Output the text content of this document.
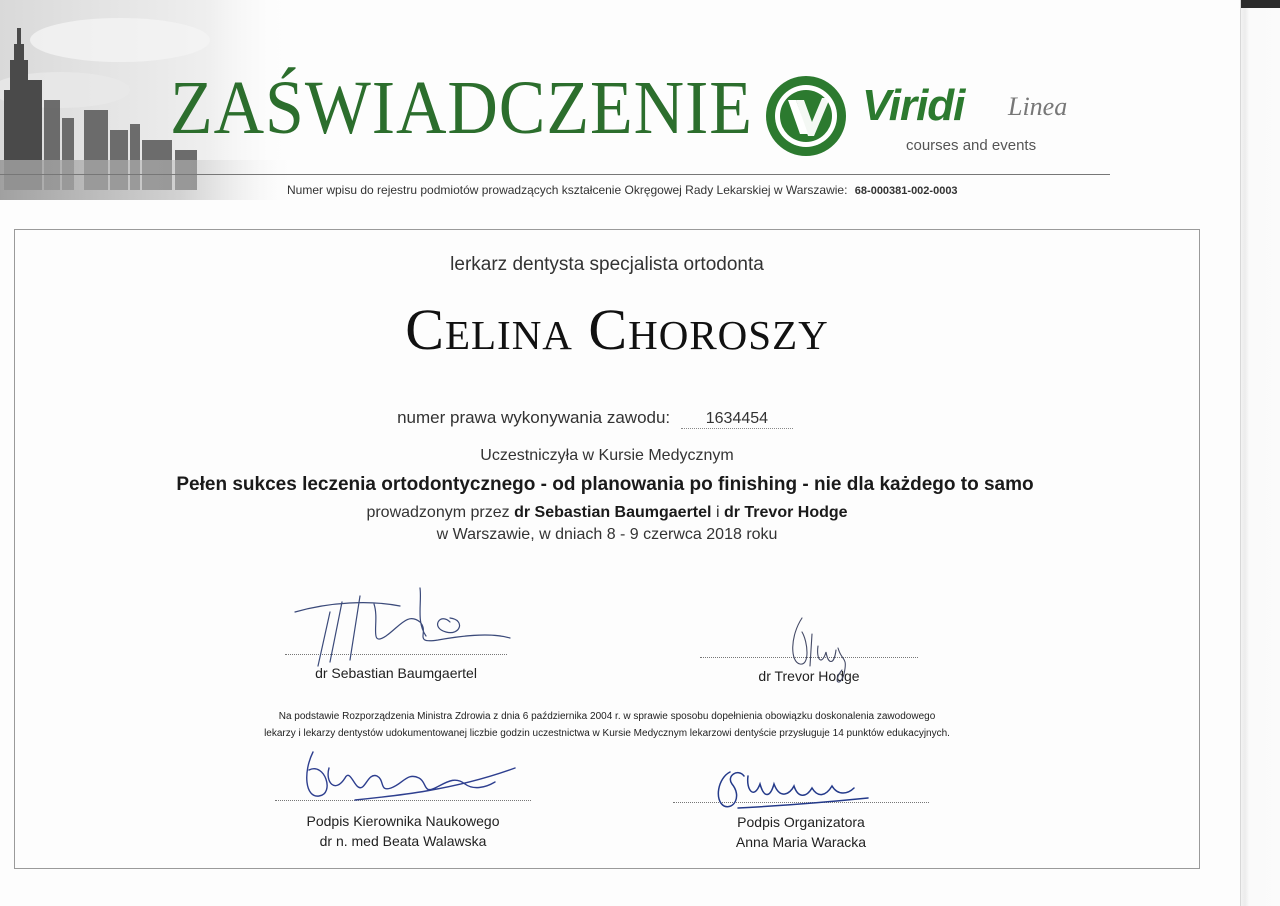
ZAŚWIADCZENIE Viridi Linea
courses and events
Numer wpisu do rejestru podmiotów prowadzących kształcenie Okręgowej Rady Lekarskiej w Warszawie: 68-000381-002-0003
lerkarz dentysta specjalista ortodonta
Celina Choroszy
numer prawa wykonywania zawodu: 1634454
Uczestniczyła w Kursie Medycznym
Pełen sukces leczenia ortodontycznego - od planowania po finishing - nie dla każdego to samo
prowadzonym przez dr Sebastian Baumgaertel i dr Trevor Hodge
w Warszawie, w dniach 8 - 9 czerwca 2018 roku
dr Sebastian Baumgaertel	dr Trevor Hodge
Na podstawie Rozporządzenia Ministra Zdrowia z dnia 6 października 2004 r. w sprawie sposobu dopełnienia obowiązku doskonalenia zawodowego
lekarzy i lekarzy dentystów udokumentowanej liczbie godzin uczestnictwa w Kursie Medycznym lekarzowi dentyście przysługuje 14 punktów edukacyjnych.
Podpis Kierownika Naukowego
dr n. med Beata Walawska
Podpis Organizatora
Anna Maria Waracka
